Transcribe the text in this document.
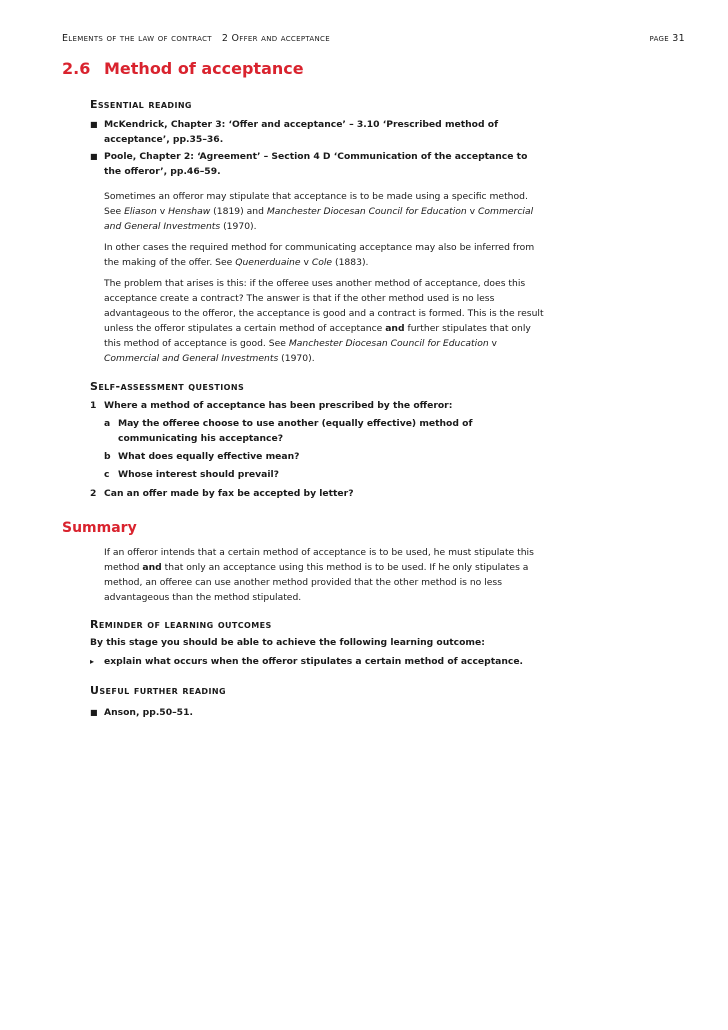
Elements of the law of contract   2 Offer and acceptance	page 31
2.6 Method of acceptance
Essential reading
■ McKendrick, Chapter 3: ‘Offer and acceptance’ – 3.10 ‘Prescribed method of acceptance’, pp.35–36.
■ Poole, Chapter 2: ‘Agreement’ – Section 4 D ‘Communication of the acceptance to the offeror’, pp.46–59.

Sometimes an offeror may stipulate that acceptance is to be made using a specific method. See Eliason v Henshaw (1819) and Manchester Diocesan Council for Education v Commercial and General Investments (1970).

In other cases the required method for communicating acceptance may also be inferred from the making of the offer. See Quenerduaine v Cole (1883).

The problem that arises is this: if the offeree uses another method of acceptance, does this acceptance create a contract? The answer is that if the other method used is no less advantageous to the offeror, the acceptance is good and a contract is formed. This is the result unless the offeror stipulates a certain method of acceptance and further stipulates that only this method of acceptance is good. See Manchester Diocesan Council for Education v Commercial and General Investments (1970).

Self-assessment questions
1 Where a method of acceptance has been prescribed by the offeror:
a May the offeree choose to use another (equally effective) method of communicating his acceptance?
b What does equally effective mean?
c Whose interest should prevail?
2 Can an offer made by fax be accepted by letter?
Summary

If an offeror intends that a certain method of acceptance is to be used, he must stipulate this method and that only an acceptance using this method is to be used. If he only stipulates a method, an offeree can use another method provided that the other method is no less advantageous than the method stipulated.

Reminder of learning outcomes
By this stage you should be able to achieve the following learning outcome:
▸ explain what occurs when the offeror stipulates a certain method of acceptance.
Useful further reading
■ Anson, pp.50–51.
